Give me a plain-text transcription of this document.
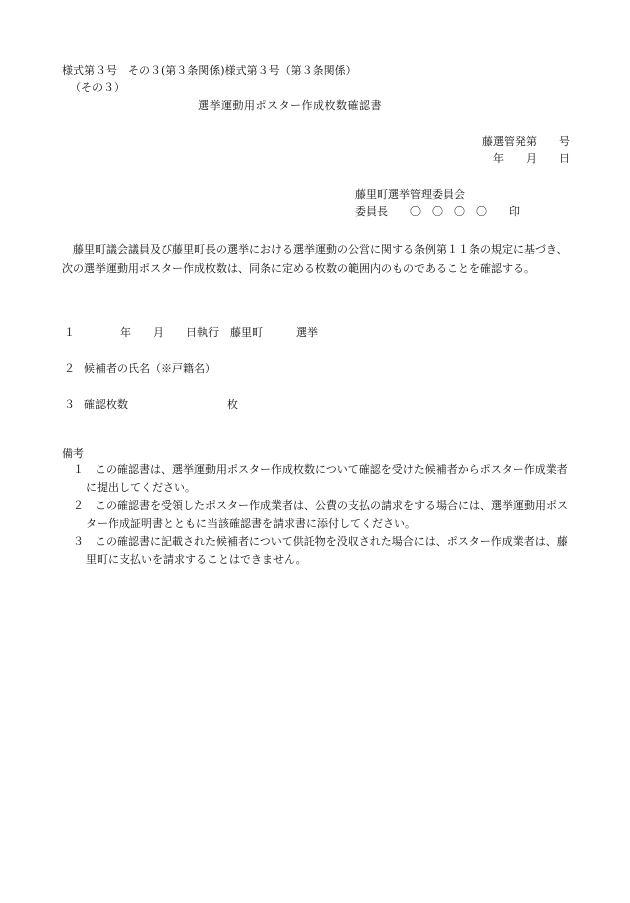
様式第３号　その３(第３条関係)様式第３号（第３条関係）
（その３）
選挙運動用ポスター作成枚数確認書
藤選管発第　　号
年　　月　　日
藤里町選挙管理委員会
委員長　　〇　〇　〇　〇　　印
藤里町議会議員及び藤里町長の選挙における選挙運動の公営に関する条例第１１条の規定に基づき、次の選挙運動用ポスター作成枚数は、同条に定める枚数の範囲内のものであることを確認する。
１	年　　月　　日執行　藤里町　　　選挙
２ 候補者の氏名（※戸籍名）
３ 確認枚数　　　　　　　　　枚
備考
１ この確認書は、選挙運動用ポスター作成枚数について確認を受けた候補者からポスター作成業者に提出してください。
２ この確認書を受領したポスター作成業者は、公費の支払の請求をする場合には、選挙運動用ポスター作成証明書とともに当該確認書を請求書に添付してください。
３ この確認書に記載された候補者について供託物を没収された場合には、ポスター作成業者は、藤里町に支払いを請求することはできません。
